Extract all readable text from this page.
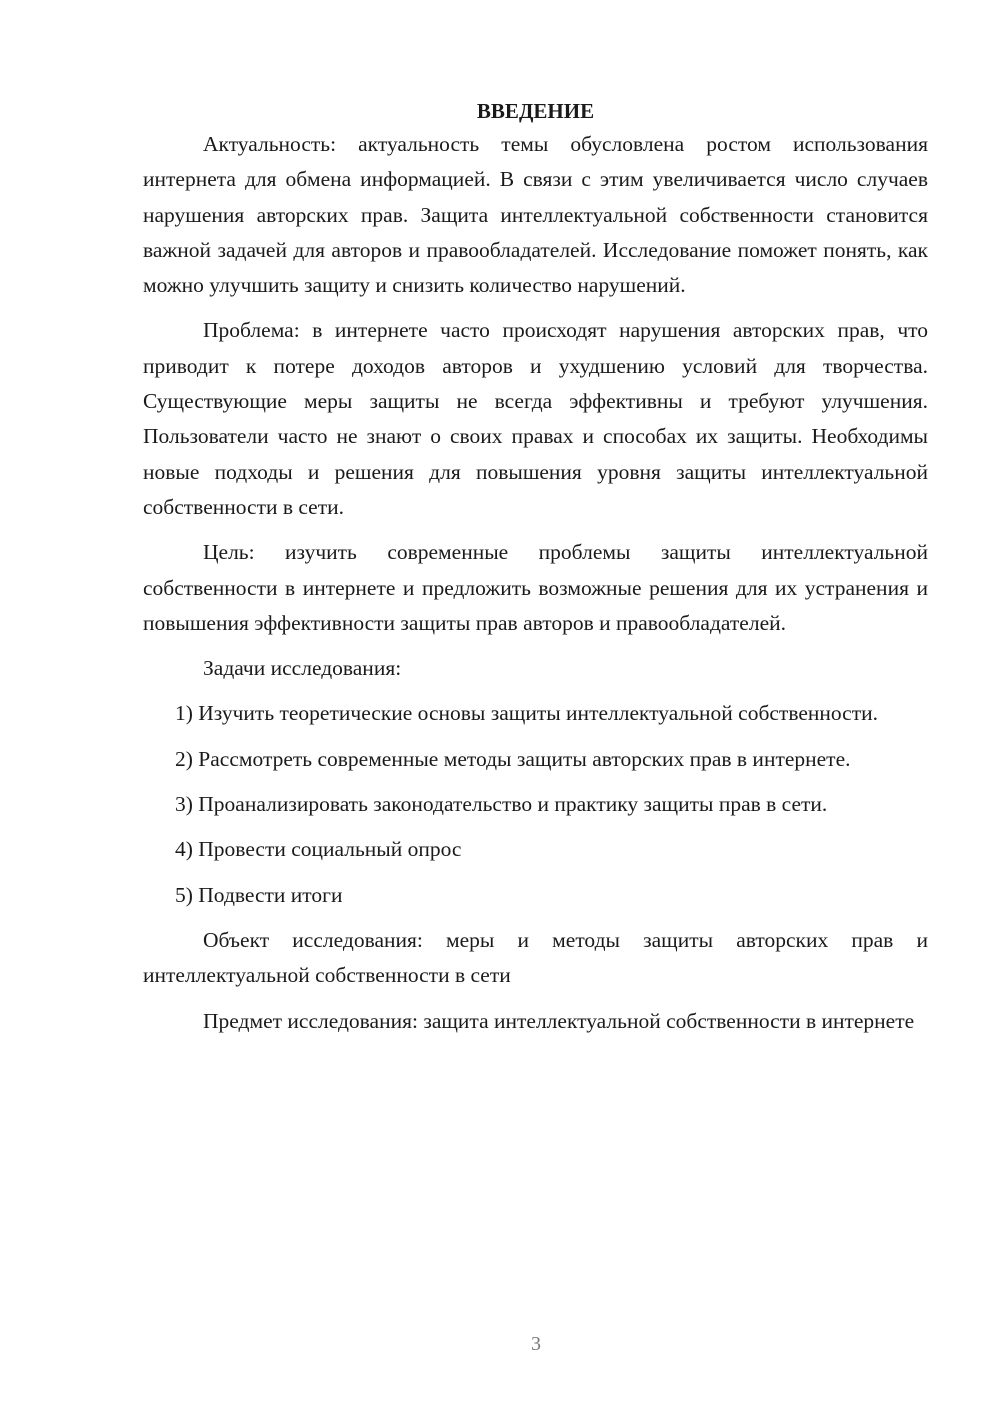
ВВЕДЕНИЕ

Актуальность: актуальность темы обусловлена ростом использования интернета для обмена информацией. В связи с этим увеличивается число случаев нарушения авторских прав. Защита интеллектуальной собственности становится важной задачей для авторов и правообладателей. Исследование поможет понять, как можно улучшить защиту и снизить количество нарушений.

Проблема: в интернете часто происходят нарушения авторских прав, что приводит к потере доходов авторов и ухудшению условий для творчества. Существующие меры защиты не всегда эффективны и требуют улучшения. Пользователи часто не знают о своих правах и способах их защиты. Необходимы новые подходы и решения для повышения уровня защиты интеллектуальной собственности в сети.

Цель: изучить современные проблемы защиты интеллектуальной собственности в интернете и предложить возможные решения для их устранения и повышения эффективности защиты прав авторов и правообладателей.

Задачи исследования:

1) Изучить теоретические основы защиты интеллектуальной собственности.

2) Рассмотреть современные методы защиты авторских прав в интернете.

3) Проанализировать законодательство и практику защиты прав в сети.

4) Провести социальный опрос

5) Подвести итоги

Объект исследования: меры и методы защиты авторских прав и интеллектуальной собственности в сети

Предмет исследования: защита интеллектуальной собственности в интернете

3
